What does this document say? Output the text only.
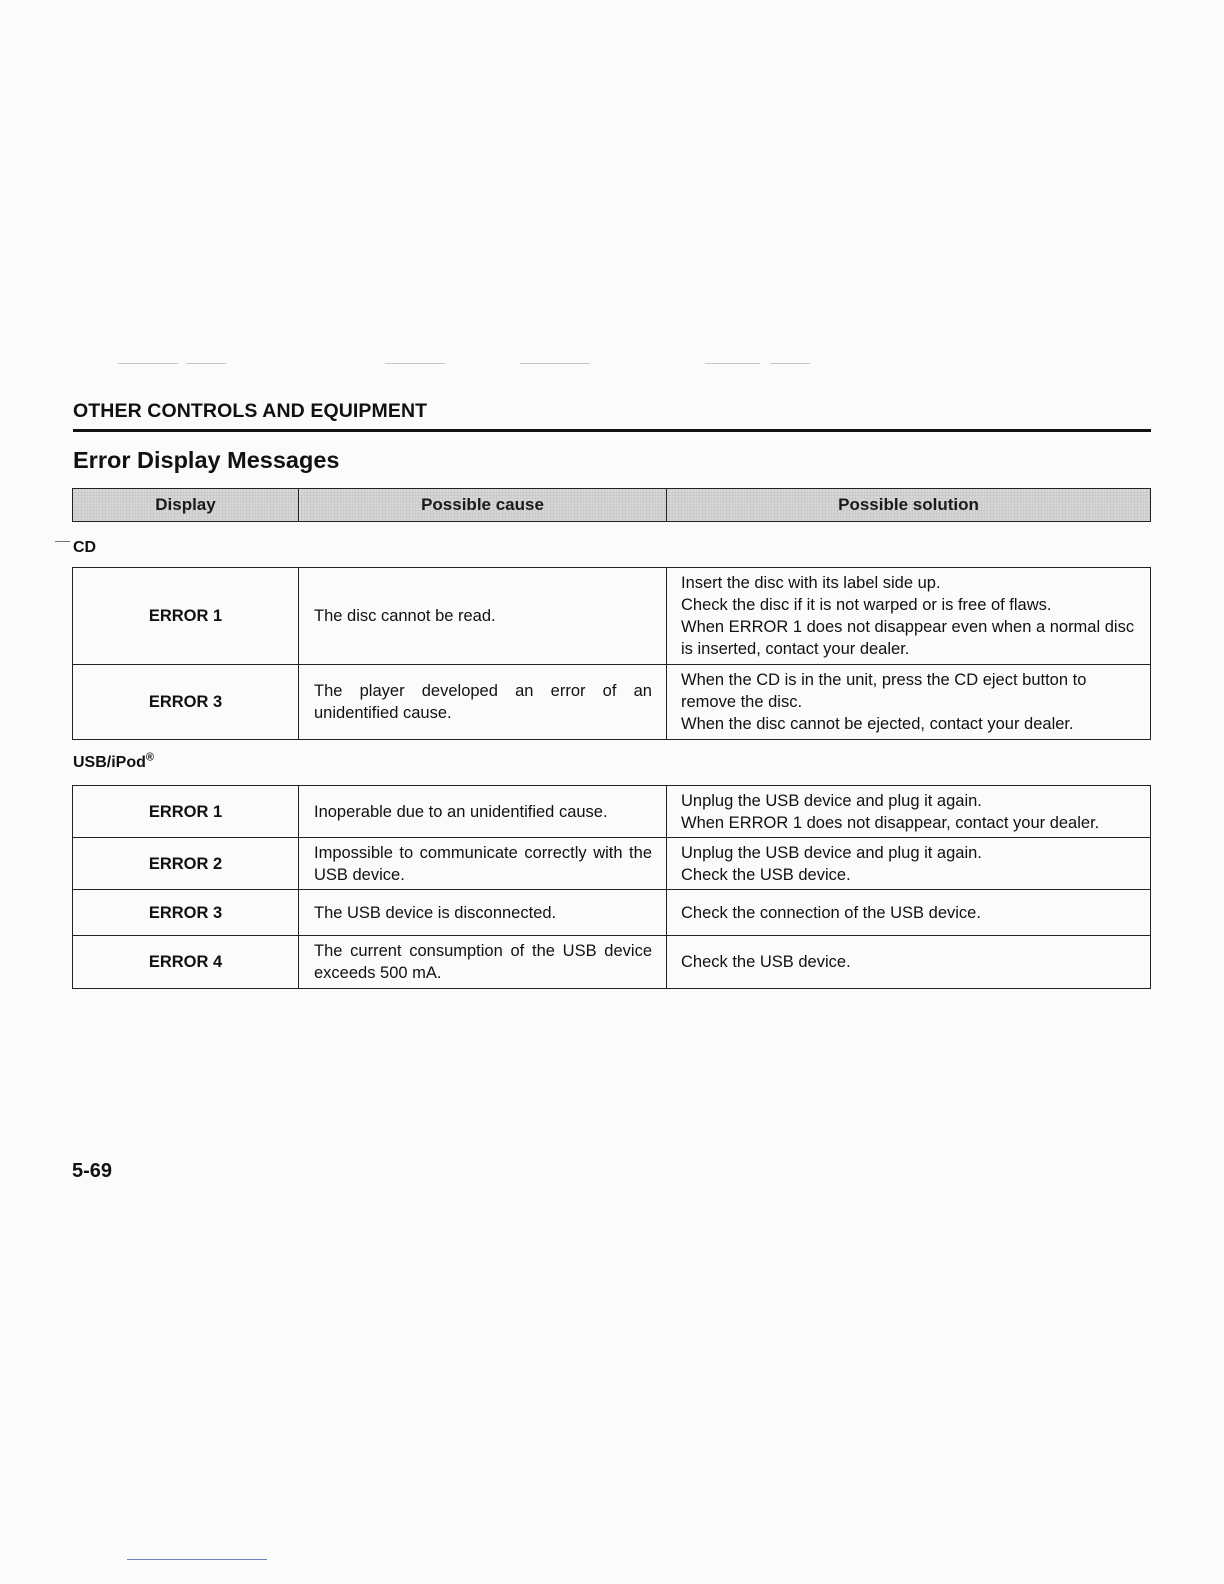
OTHER CONTROLS AND EQUIPMENT
Error Display Messages
Display	Possible cause	Possible solution
CD
ERROR 1	The disc cannot be read.	Insert the disc with its label side up.
Check the disc if it is not warped or is free of flaws.
When ERROR 1 does not disappear even when a normal disc is inserted, contact your dealer.

ERROR 3	The player developed an error of an unidentified cause.	When the CD is in the unit, press the CD eject button to remove the disc.
When the disc cannot be ejected, contact your dealer.
USB/iPod®
ERROR 1	Inoperable due to an unidentified cause.	Unplug the USB device and plug it again.
When ERROR 1 does not disappear, contact your dealer.

ERROR 2	Impossible to communicate correctly with the USB device.	Unplug the USB device and plug it again.
Check the USB device.

ERROR 3	The USB device is disconnected.	Check the connection of the USB device.

ERROR 4	The current consumption of the USB device exceeds 500 mA.	Check the USB device.
5-69
